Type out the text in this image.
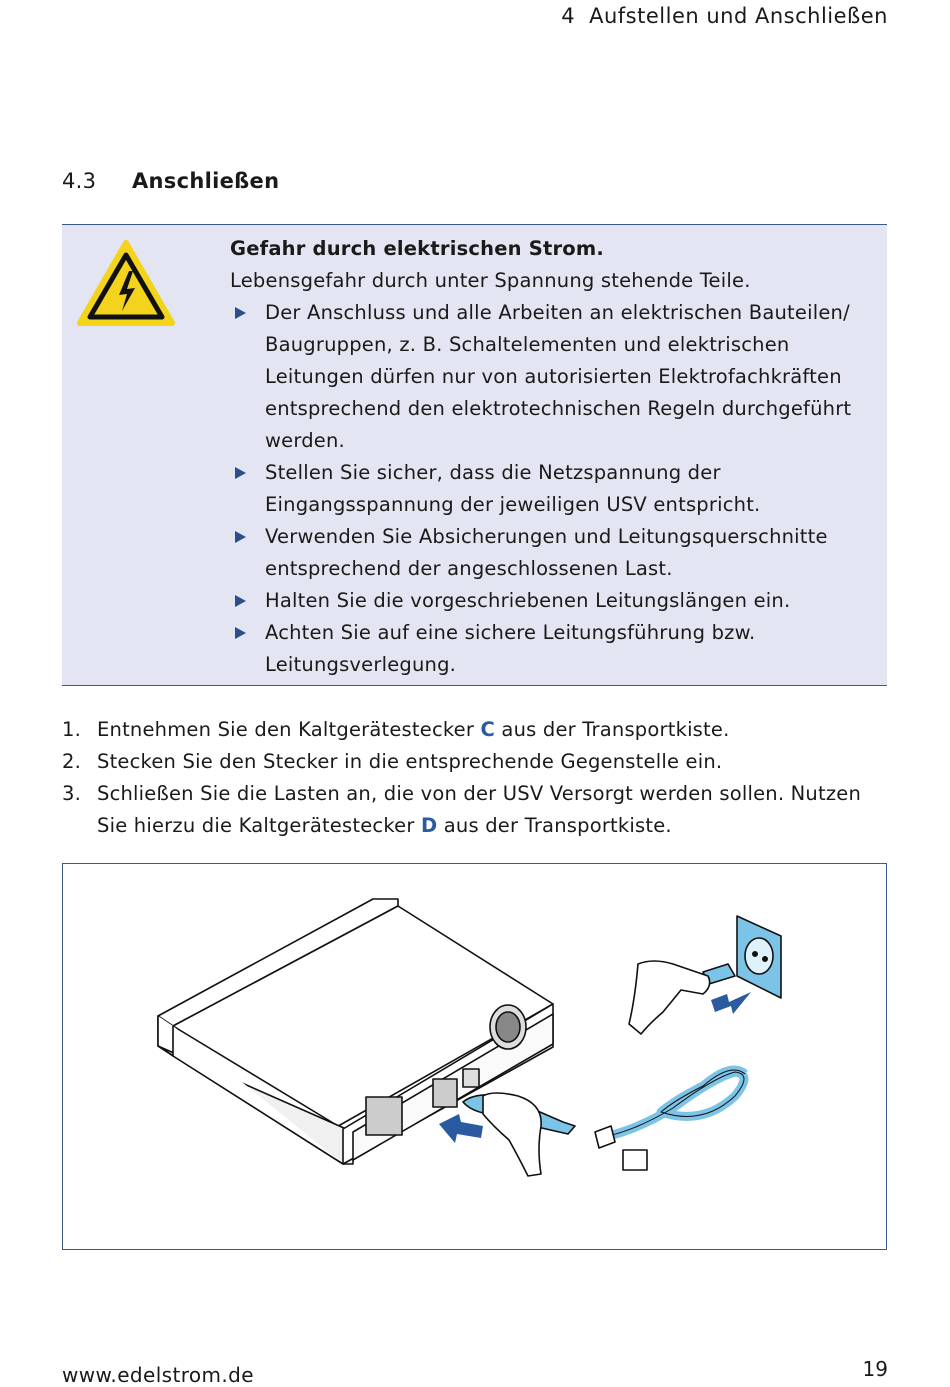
4 Aufstellen und Anschließen
4.3 Anschließen
Gefahr durch elektrischen Strom.
Lebensgefahr durch unter Spannung stehende Teile.
Der Anschluss und alle Arbeiten an elektrischen Bauteilen/ Baugruppen, z. B. Schaltelementen und elektrischen Leitungen dürfen nur von autorisierten Elektrofachkräften entsprechend den elektrotechnischen Regeln durchgeführt werden.
Stellen Sie sicher, dass die Netzspannung der Eingangsspannung der jeweiligen USV entspricht.
Verwenden Sie Absicherungen und Leitungsquerschnitte entsprechend der angeschlossenen Last.
Halten Sie die vorgeschriebenen Leitungslängen ein.
Achten Sie auf eine sichere Leitungsführung bzw. Leitungsverlegung.
1. Entnehmen Sie den Kaltgerätestecker C aus der Transportkiste.
2. Stecken Sie den Stecker in die entsprechende Gegenstelle ein.
3. Schließen Sie die Lasten an, die von der USV Versorgt werden sollen. Nutzen Sie hierzu die Kaltgerätestecker D aus der Transportkiste.
www.edelstrom.de	19
